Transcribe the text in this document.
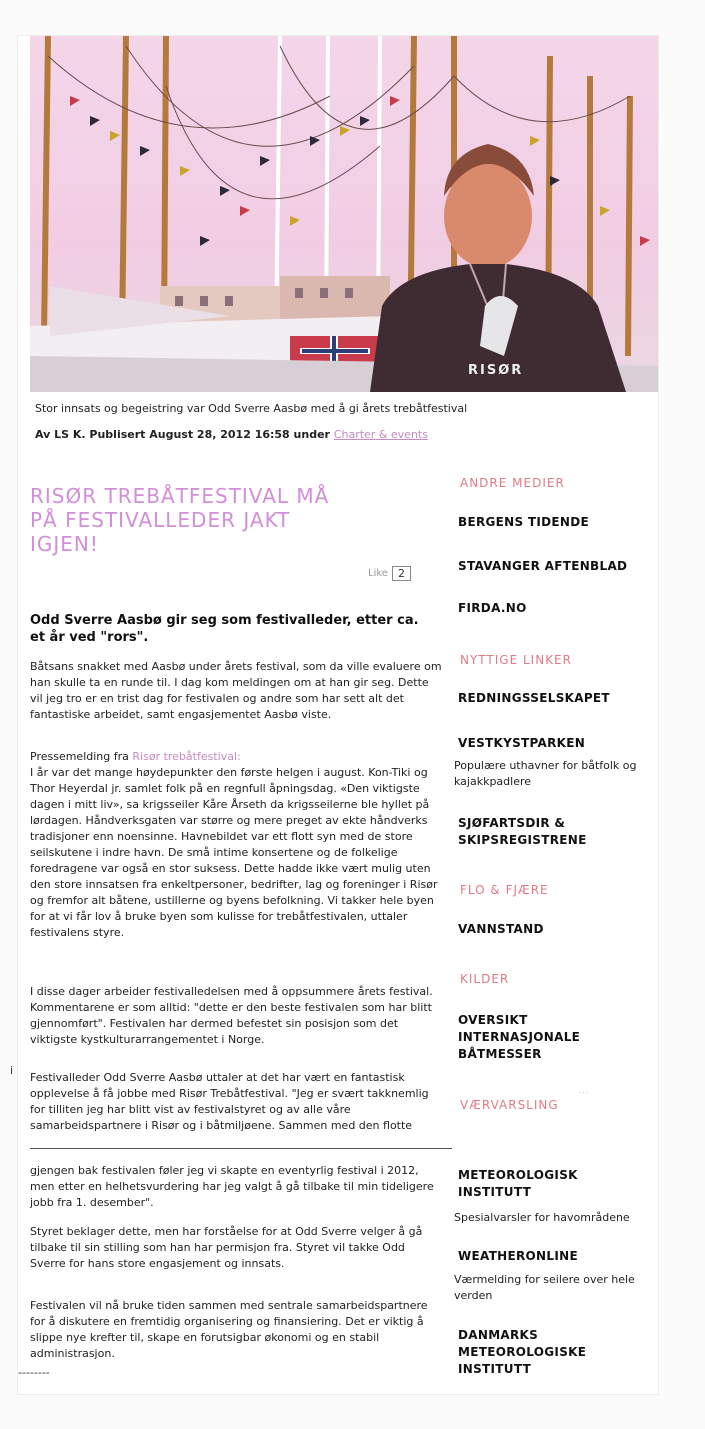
RISØR
Stor innsats og begeistring var Odd Sverre Aasbø med å gi årets trebåtfestival
Av LS K. Publisert August 28, 2012 16:58 under Charter & events
RISØR TREBÅTFESTIVAL MÅ PÅ FESTIVALLEDER JAKT IGJEN!
Like 2
Odd Sverre Aasbø gir seg som festivalleder, etter ca. et år ved "rors".

Båtsans snakket med Aasbø under årets festival, som da ville evaluere om han skulle ta en runde til. I dag kom meldingen om at han gir seg. Dette vil jeg tro er en trist dag for festivalen og andre som har sett alt det fantastiske arbeidet, samt engasjementet Aasbø viste.

Pressemelding fra Risør trebåtfestival:

I år var det mange høydepunkter den første helgen i august. Kon-Tiki og Thor Heyerdal jr. samlet folk på en regnfull åpningsdag. «Den viktigste dagen i mitt liv», sa krigsseiler Kåre Årseth da krigsseilerne ble hyllet på lørdagen. Håndverksgaten var større og mere preget av ekte håndverks tradisjoner enn noensinne. Havnebildet var ett flott syn med de store seilskutene i indre havn. De små intime konsertene og de folkelige foredragene var også en stor suksess. Dette hadde ikke vært mulig uten den store innsatsen fra enkeltpersoner, bedrifter, lag og foreninger i Risør og fremfor alt båtene, ustillerne og byens befolkning. Vi takker hele byen for at vi får lov å bruke byen som kulisse for trebåtfestivalen, uttaler festivalens styre.

I disse dager arbeider festivalledelsen med å oppsummere årets festival. Kommentarene er som alltid: "dette er den beste festivalen som har blitt gjennomført". Festivalen har dermed befestet sin posisjon som det viktigste kystkulturarrangementet i Norge.

i

Festivalleder Odd Sverre Aasbø uttaler at det har vært en fantastisk opplevelse å få jobbe med Risør Trebåtfestival. "Jeg er svært takknemlig for tilliten jeg har blitt vist av festivalstyret og av alle våre samarbeidspartnere i Risør og i båtmiljøene. Sammen med den flotte

gjengen bak festivalen føler jeg vi skapte en eventyrlig festival i 2012, men etter en helhetsvurdering har jeg valgt å gå tilbake til min tideligere jobb fra 1. desember".

Styret beklager dette, men har forståelse for at Odd Sverre velger å gå tilbake til sin stilling som han har permisjon fra. Styret vil takke Odd Sverre for hans store engasjement og innsats.

Festivalen vil nå bruke tiden sammen med sentrale samarbeidspartnere for å diskutere en fremtidig organisering og finansiering. Det er viktig å slippe nye krefter til, skape en forutsigbar økonomi og en stabil administrasjon.

--------
ANDRE MEDIER
BERGENS TIDENDE
STAVANGER AFTENBLAD
FIRDA.NO
NYTTIGE LINKER
REDNINGSSELSKAPET
VESTKYSTPARKEN
Populære uthavner for båtfolk og kajakkpadlere
SJØFARTSDIR & SKIPSREGISTRENE
FLO & FJÆRE
VANNSTAND
KILDER
OVERSIKT INTERNASJONALE BÅTMESSER
⋯
VÆRVARSLING
METEOROLOGISK INSTITUTT
Spesialvarsler for havområdene
WEATHERONLINE
Værmelding for seilere over hele verden
DANMARKS METEOROLOGISKE INSTITUTT
